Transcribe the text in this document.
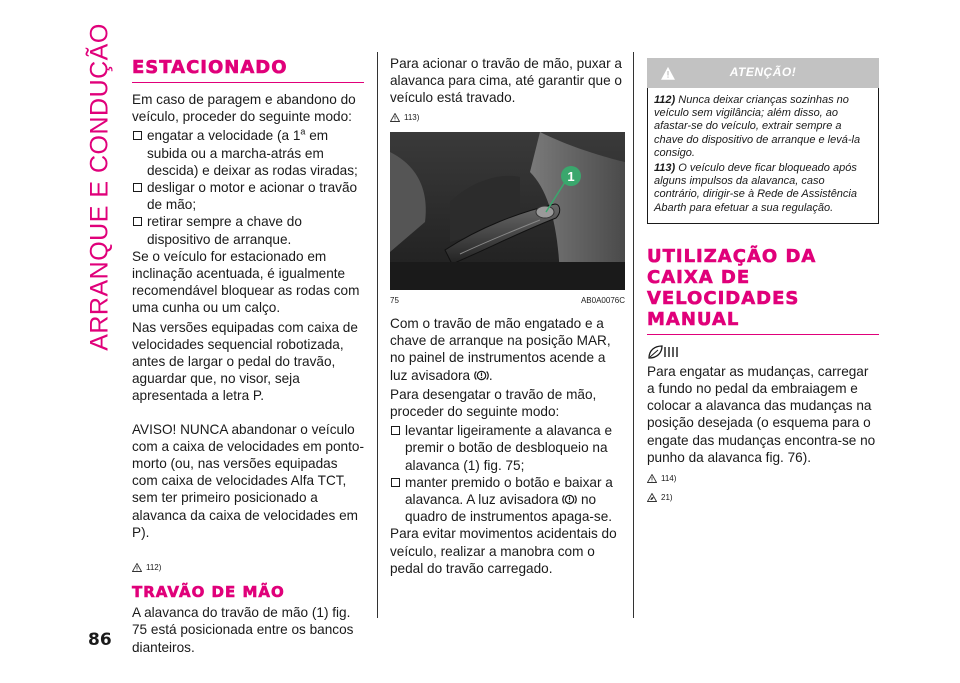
ARRANQUE E CONDUÇÃO
86
ESTACIONADO

Em caso de paragem e abandono do veículo, proceder do seguinte modo:

engatar a velocidade (a 1$^a$ em subida ou a marcha-atrás em descida) e deixar as rodas viradas;
desligar o motor e acionar o travão de mão;
retirar sempre a chave do dispositivo de arranque.

Se o veículo for estacionado em inclinação acentuada, é igualmente recomendável bloquear as rodas com uma cunha ou um calço.

Nas versões equipadas com caixa de velocidades sequencial robotizada, antes de largar o pedal do travão, aguardar que, no visor, seja apresentada a letra P.

AVISO! NUNCA abandonar o veículo com a caixa de velocidades em ponto-morto (ou, nas versões equipadas com caixa de velocidades Alfa TCT, sem ter primeiro posicionado a alavanca da caixa de velocidades em P).

112)
TRAVÃO DE MÃO

A alavanca do travão de mão (1) fig. 75 está posicionada entre os bancos dianteiros.

Para acionar o travão de mão, puxar a alavanca para cima, até garantir que o veículo está travado.

113)
1
75	AB0A0076C

Com o travão de mão engatado e a chave de arranque na posição MAR, no painel de instrumentos acende a luz avisadora .

Para desengatar o travão de mão, proceder do seguinte modo:

levantar ligeiramente a alavanca e premir o botão de desbloqueio na alavanca (1) fig. 75;
manter premido o botão e baixar a alavanca. A luz avisadora no quadro de instrumentos apaga-se.

Para evitar movimentos acidentais do veículo, realizar a manobra com o pedal do travão carregado.

ATENÇÃO!

112) Nunca deixar crianças sozinhas no veículo sem vigilância; além disso, ao afastar-se do veículo, extrair sempre a chave do dispositivo de arranque e levá-la consigo.

113) O veículo deve ficar bloqueado após alguns impulsos da alavanca, caso contrário, dirigir-se à Rede de Assistência Abarth para efetuar a sua regulação.

UTILIZAÇÃO DA CAIXA DE VELOCIDADES MANUAL

Para engatar as mudanças, carregar a fundo no pedal da embraiagem e colocar a alavanca das mudanças na posição desejada (o esquema para o engate das mudanças encontra-se no punho da alavanca fig. 76).

114)
21)
